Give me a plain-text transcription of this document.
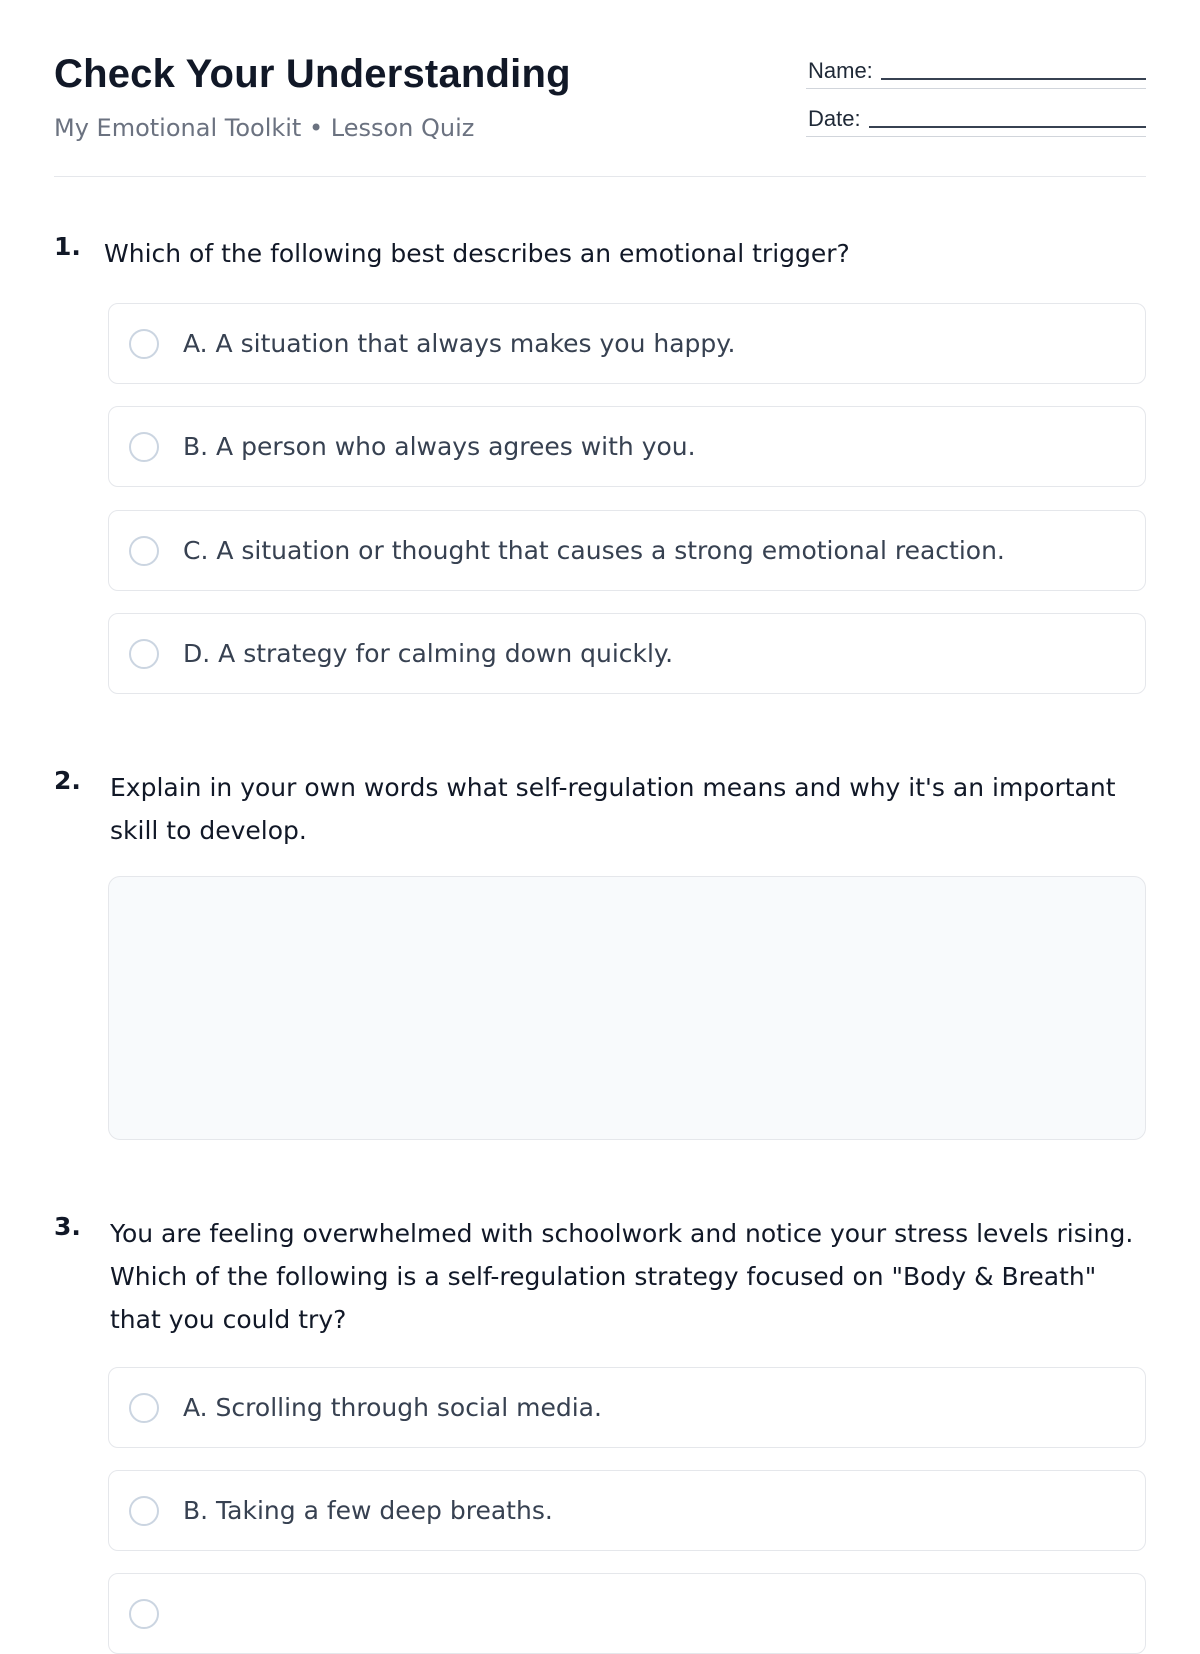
Check Your Understanding
My Emotional Toolkit • Lesson Quiz
Name:
Date:
1. Which of the following best describes an emotional trigger?
A. A situation that always makes you happy.
B. A person who always agrees with you.
C. A situation or thought that causes a strong emotional reaction.
D. A strategy for calming down quickly.
2. Explain in your own words what self-regulation means and why it's an important skill to develop.
3. You are feeling overwhelmed with schoolwork and notice your stress levels rising. Which of the following is a self-regulation strategy focused on "Body & Breath" that you could try?
A. Scrolling through social media.
B. Taking a few deep breaths.
